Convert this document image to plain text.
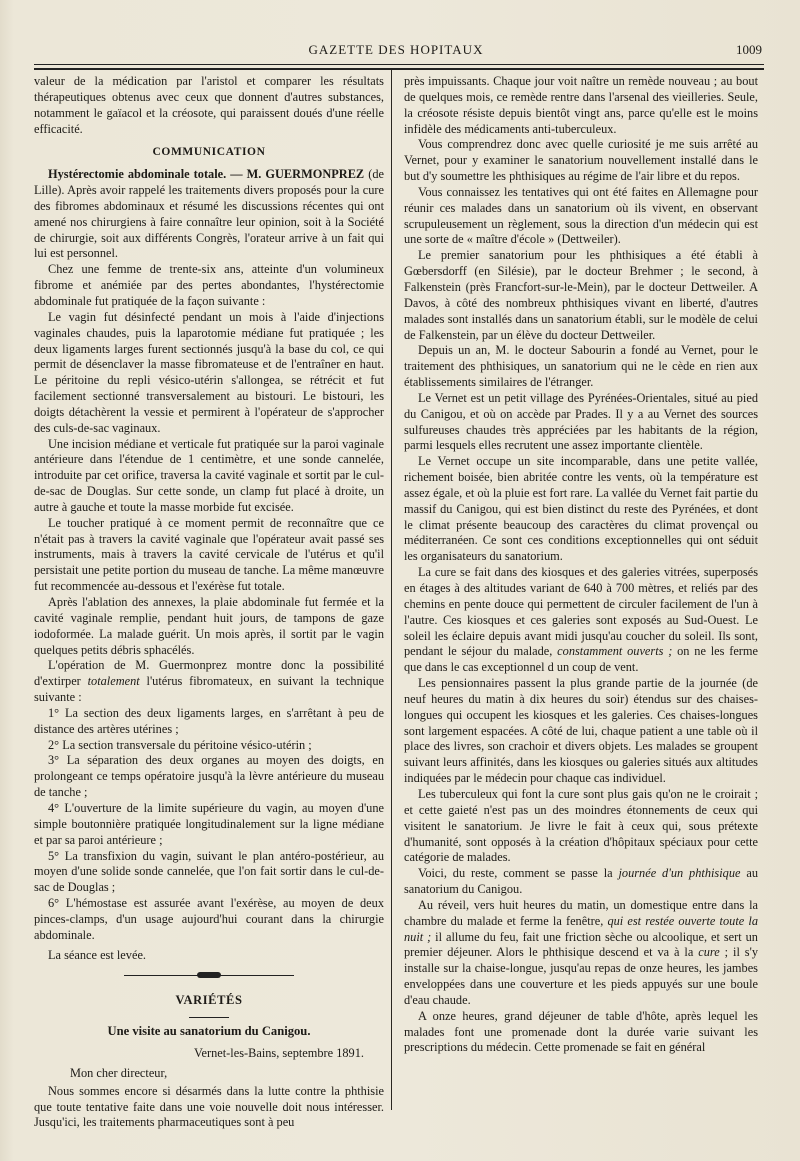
GAZETTE DES HOPITAUX	1009

valeur de la médication par l'aristol et comparer les résultats thérapeutiques obtenus avec ceux que donnent d'autres substances, notamment le gaïacol et la créosote, qui paraissent doués d'une réelle efficacité.

COMMUNICATION

Hystérectomie abdominale totale. — M. GUERMONPREZ (de Lille). Après avoir rappelé les traitements divers proposés pour la cure des fibromes abdominaux et résumé les discussions récentes qui ont amené nos chirurgiens à faire connaître leur opinion, soit à la Société de chirurgie, soit aux différents Congrès, l'orateur arrive à un fait qui lui est personnel.

Chez une femme de trente-six ans, atteinte d'un volumineux fibrome et anémiée par des pertes abondantes, l'hystérectomie abdominale fut pratiquée de la façon suivante :

Le vagin fut désinfecté pendant un mois à l'aide d'injections vaginales chaudes, puis la laparotomie médiane fut pratiquée ; les deux ligaments larges furent sectionnés jusqu'à la base du col, ce qui permit de désenclaver la masse fibromateuse et de l'entraîner en haut. Le péritoine du repli vésico-utérin s'allongea, se rétrécit et fut facilement sectionné transversalement au bistouri. Le bistouri, les doigts détachèrent la vessie et permirent à l'opérateur de s'approcher des culs-de-sac vaginaux.

Une incision médiane et verticale fut pratiquée sur la paroi vaginale antérieure dans l'étendue de 1 centimètre, et une sonde cannelée, introduite par cet orifice, traversa la cavité vaginale et sortit par le cul-de-sac de Douglas. Sur cette sonde, un clamp fut placé à droite, un autre à gauche et toute la masse morbide fut excisée.

Le toucher pratiqué à ce moment permit de reconnaître que ce n'était pas à travers la cavité vaginale que l'opérateur avait passé ses instruments, mais à travers la cavité cervicale de l'utérus et qu'il persistait une petite portion du museau de tanche. La même manœuvre fut recommencée au-dessous et l'exérèse fut totale.

Après l'ablation des annexes, la plaie abdominale fut fermée et la cavité vaginale remplie, pendant huit jours, de tampons de gaze iodoformée. La malade guérit. Un mois après, il sortit par le vagin quelques petits débris sphacélés.

L'opération de M. Guermonprez montre donc la possibilité d'extirper totalement l'utérus fibromateux, en suivant la technique suivante :

1° La section des deux ligaments larges, en s'arrêtant à peu de distance des artères utérines ;

2° La section transversale du péritoine vésico-utérin ;

3° La séparation des deux organes au moyen des doigts, en prolongeant ce temps opératoire jusqu'à la lèvre antérieure du museau de tanche ;

4° L'ouverture de la limite supérieure du vagin, au moyen d'une simple boutonnière pratiquée longitudinalement sur la ligne médiane et par sa paroi antérieure ;

5° La transfixion du vagin, suivant le plan antéro-postérieur, au moyen d'une solide sonde cannelée, que l'on fait sortir dans le cul-de-sac de Douglas ;

6° L'hémostase est assurée avant l'exérèse, au moyen de deux pinces-clamps, d'un usage aujourd'hui courant dans la chirurgie abdominale.

La séance est levée.

VARIÉTÉS
Une visite au sanatorium du Canigou.

Vernet-les-Bains, septembre 1891.

Mon cher directeur,

Nous sommes encore si désarmés dans la lutte contre la phthisie que toute tentative faite dans une voie nouvelle doit nous intéresser. Jusqu'ici, les traitements pharmaceutiques sont à peu

près impuissants. Chaque jour voit naître un remède nouveau ; au bout de quelques mois, ce remède rentre dans l'arsenal des vieilleries. Seule, la créosote résiste depuis bientôt vingt ans, parce qu'elle est le moins infidèle des médicaments anti-tuberculeux.

Vous comprendrez donc avec quelle curiosité je me suis arrêté au Vernet, pour y examiner le sanatorium nouvellement installé dans le but d'y soumettre les phthisiques au régime de l'air libre et du repos.

Vous connaissez les tentatives qui ont été faites en Allemagne pour réunir ces malades dans un sanatorium où ils vivent, en observant scrupuleusement un règlement, sous la direction d'un médecin qui est une sorte de « maître d'école » (Dettweiler).

Le premier sanatorium pour les phthisiques a été établi à Gœbersdorff (en Silésie), par le docteur Brehmer ; le second, à Falkenstein (près Francfort-sur-le-Mein), par le docteur Dettweiler. A Davos, à côté des nombreux phthisiques vivant en liberté, d'autres malades sont installés dans un sanatorium établi, sur le modèle de celui de Falkenstein, par un élève du docteur Dettweiler.

Depuis un an, M. le docteur Sabourin a fondé au Vernet, pour le traitement des phthisiques, un sanatorium qui ne le cède en rien aux établissements similaires de l'étranger.

Le Vernet est un petit village des Pyrénées-Orientales, situé au pied du Canigou, et où on accède par Prades. Il y a au Vernet des sources sulfureuses chaudes très appréciées par les habitants de la région, parmi lesquels elles recrutent une assez importante clientèle.

Le Vernet occupe un site incomparable, dans une petite vallée, richement boisée, bien abritée contre les vents, où la température est assez égale, et où la pluie est fort rare. La vallée du Vernet fait partie du massif du Canigou, qui est bien distinct du reste des Pyrénées, et dont le climat présente beaucoup des caractères du climat provençal ou méditerranéen. Ce sont ces conditions exceptionnelles qui ont séduit les organisateurs du sanatorium.

La cure se fait dans des kiosques et des galeries vitrées, superposés en étages à des altitudes variant de 640 à 700 mètres, et reliés par des chemins en pente douce qui permettent de circuler facilement de l'un à l'autre. Ces kiosques et ces galeries sont exposés au Sud-Ouest. Le soleil les éclaire depuis avant midi jusqu'au coucher du soleil. Ils sont, pendant le séjour du malade, constamment ouverts ; on ne les ferme que dans le cas exceptionnel d un coup de vent.

Les pensionnaires passent la plus grande partie de la journée (de neuf heures du matin à dix heures du soir) étendus sur des chaises-longues qui occupent les kiosques et les galeries. Ces chaises-longues sont largement espacées. A côté de lui, chaque patient a une table où il place des livres, son crachoir et divers objets. Les malades se groupent suivant leurs affinités, dans les kiosques ou galeries situés aux altitudes indiquées par le médecin pour chaque cas individuel.

Les tuberculeux qui font la cure sont plus gais qu'on ne le croirait ; et cette gaieté n'est pas un des moindres étonnements de ceux qui visitent le sanatorium. Je livre le fait à ceux qui, sous prétexte d'humanité, sont opposés à la création d'hôpitaux spéciaux pour cette catégorie de malades.

Voici, du reste, comment se passe la journée d'un phthisique au sanatorium du Canigou.

Au réveil, vers huit heures du matin, un domestique entre dans la chambre du malade et ferme la fenêtre, qui est restée ouverte toute la nuit ; il allume du feu, fait une friction sèche ou alcoolique, et sert un premier déjeuner. Alors le phthisique descend et va à la cure ; il s'y installe sur la chaise-longue, jusqu'au repas de onze heures, les jambes enveloppées dans une couverture et les pieds appuyés sur une boule d'eau chaude.

A onze heures, grand déjeuner de table d'hôte, après lequel les malades font une promenade dont la durée varie suivant les prescriptions du médecin. Cette promenade se fait en général
